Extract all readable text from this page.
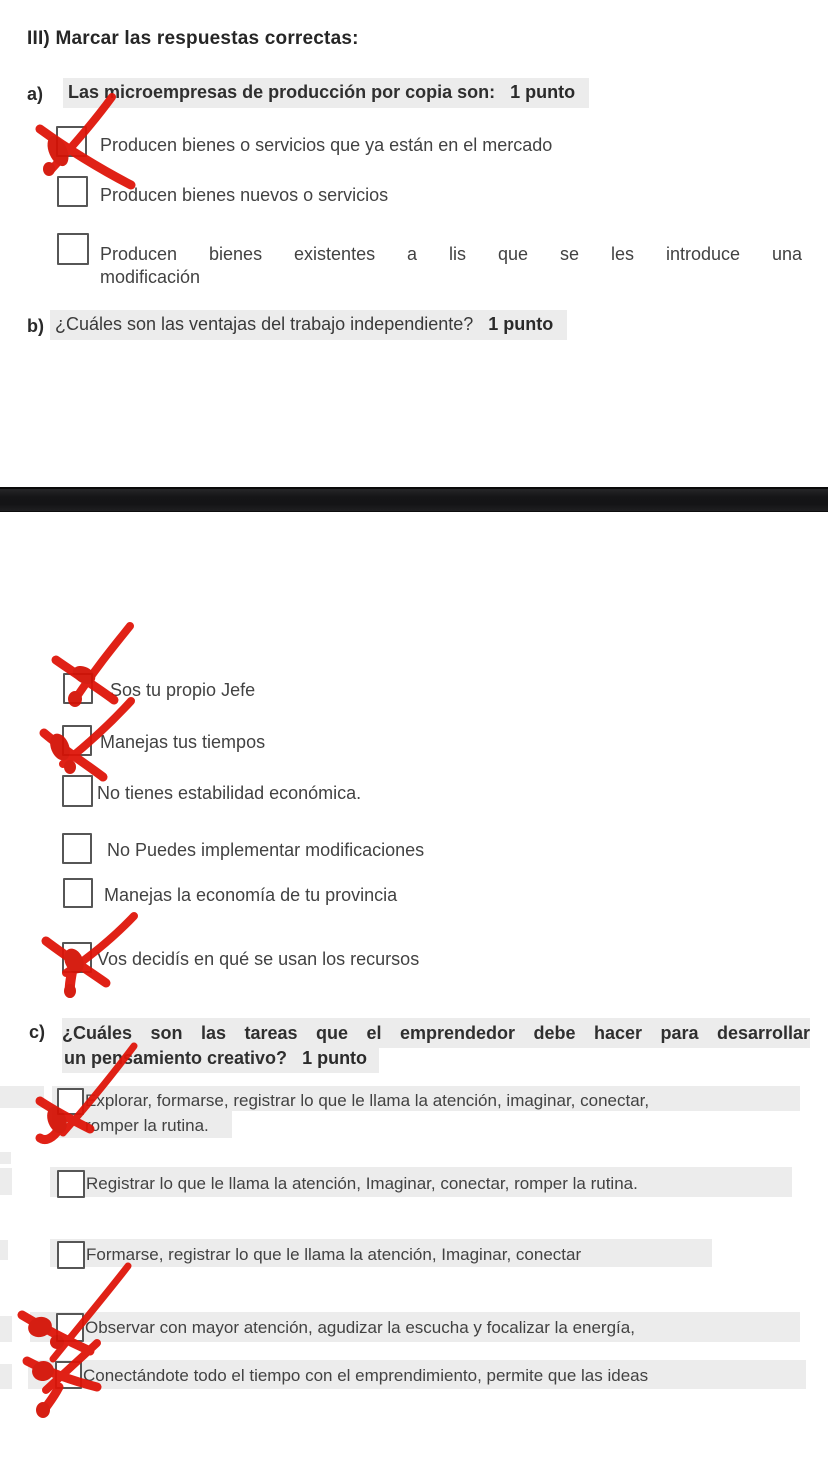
III) Marcar las respuestas correctas:
a) Las microempresas de producción por copia son: 1 punto
Producen bienes o servicios que ya están en el mercado
Producen bienes nuevos o servicios
Producen bienes existentes a lis que se les introduce una
modificación
b) ¿Cuáles son las ventajas del trabajo independiente? 1 punto
Sos tu propio Jefe
Manejas tus tiempos
No tienes estabilidad económica.
No Puedes implementar modificaciones
Manejas la economía de tu provincia
Vos decidís en qué se usan los recursos
c) ¿Cuáles son las tareas que el emprendedor debe hacer para desarrollar
un pensamiento creativo? 1 punto
Explorar, formarse, registrar lo que le llama la atención, imaginar, conectar,
romper la rutina.
Registrar lo que le llama la atención, Imaginar, conectar, romper la rutina.
Formarse, registrar lo que le llama la atención, Imaginar, conectar
Observar con mayor atención, agudizar la escucha y focalizar la energía,
Conectándote todo el tiempo con el emprendimiento, permite que las ideas
